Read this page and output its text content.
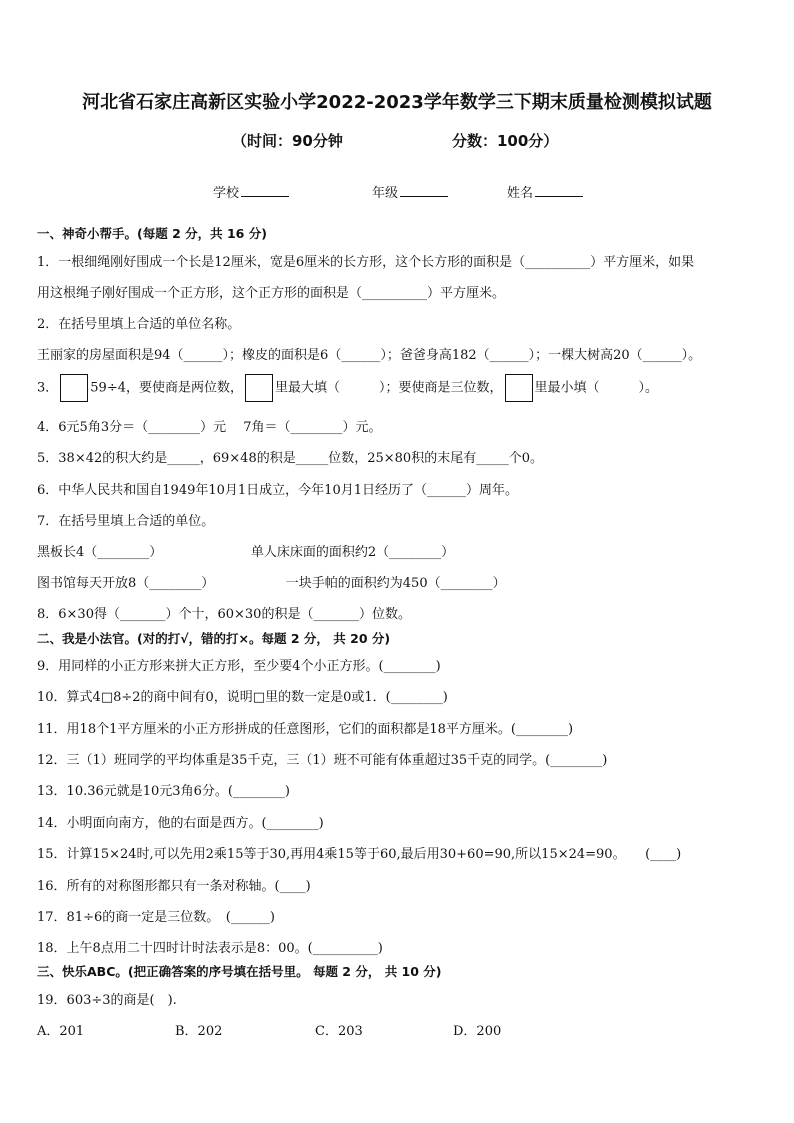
河北省石家庄高新区实验小学2022-2023学年数学三下期末质量检测模拟试题
（时间：90分钟	分数：100分）
学校	年级	姓名
一、神奇小帮手。(每题 2 分，共 16 分)
1．一根细绳刚好围成一个长是12厘米，宽是6厘米的长方形，这个长方形的面积是（__________）平方厘米，如果
用这根绳子刚好围成一个正方形，这个正方形的面积是（__________）平方厘米。
2．在括号里填上合适的单位名称。
王丽家的房屋面积是94（______）；橡皮的面积是6（______）；爸爸身高182（______）；一棵大树高20（______）。
3． 59÷4，要使商是两位数， 里最大填（　　　）；要使商是三位数， 里最小填（　　　）。
4．6元5角3分＝（________）元　 7角＝（________）元。
5．38×42的积大约是_____，69×48的积是_____位数，25×80积的末尾有_____个0。
6．中华人民共和国自1949年10月1日成立，今年10月1日经历了（______）周年。
7．在括号里填上合适的单位。
黑板长4（________）　　　　　　　 单人床床面的面积约2（________）
图书馆每天开放8（________）　　　　　　一块手帕的面积约为450（________）
8．6×30得（_______）个十，60×30的积是（_______）位数。
二、我是小法官。(对的打√，错的打×。每题 2 分， 共 20 分)
9．用同样的小正方形来拼大正方形，至少要4个小正方形。(________)
10．算式4□8÷2的商中间有0，说明□里的数一定是0或1．(________)
11．用18个1平方厘米的小正方形拼成的任意图形，它们的面积都是18平方厘米。(________)
12．三（1）班同学的平均体重是35千克，三（1）班不可能有体重超过35千克的同学。(________)
13．10.36元就是10元3角6分。(________)
14．小明面向南方，他的右面是西方。(________)
15．计算15×24时,可以先用2乘15等于30,再用4乘15等于60,最后用30+60=90,所以15×24=90。　　(____)
16．所有的对称图形都只有一条对称轴。(____)
17．81÷6的商一定是三位数。　(______)
18．上午8点用二十四时计时法表示是8：00。(__________)
三、快乐ABC。(把正确答案的序号填在括号里。 每题 2 分， 共 10 分)
19．603÷3的商是(　).
A．201	B．202	C．203	D．200
